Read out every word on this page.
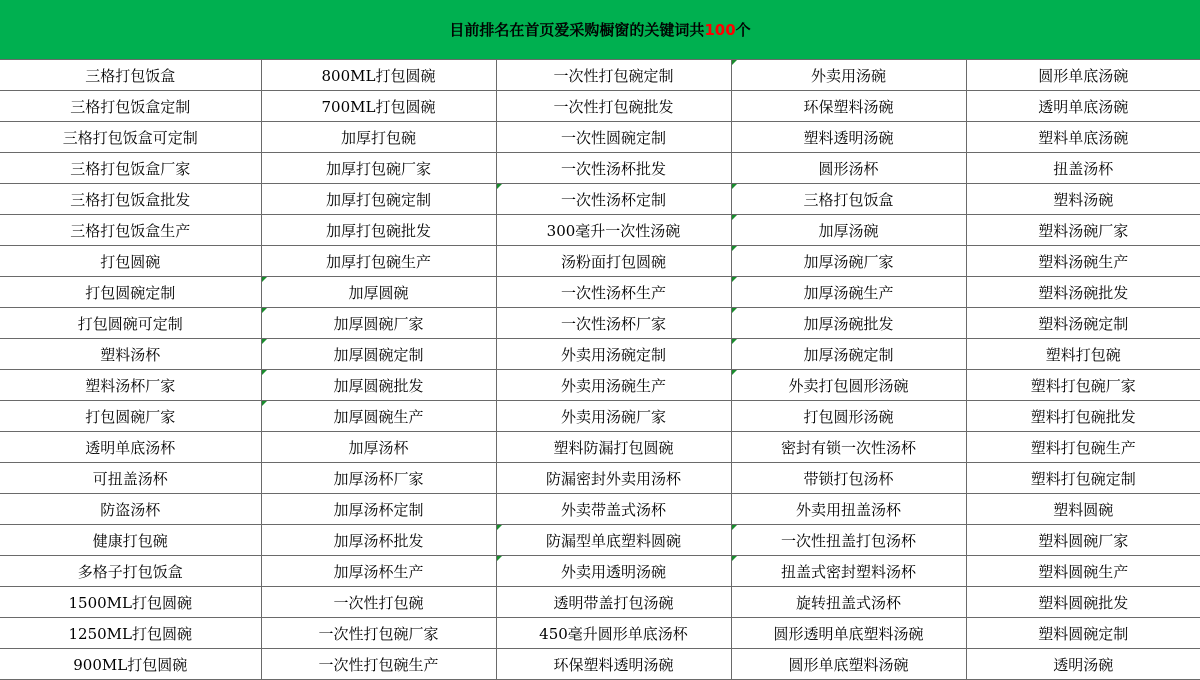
目前排名在首页爱采购橱窗的关键词共 100 个
三格打包饭盒	800ML打包圆碗	一次性打包碗定制	外卖用汤碗	圆形单底汤碗
三格打包饭盒定制	700ML打包圆碗	一次性打包碗批发	环保塑料汤碗	透明单底汤碗
三格打包饭盒可定制	加厚打包碗	一次性圆碗定制	塑料透明汤碗	塑料单底汤碗
三格打包饭盒厂家	加厚打包碗厂家	一次性汤杯批发	圆形汤杯	扭盖汤杯
三格打包饭盒批发	加厚打包碗定制	一次性汤杯定制	三格打包饭盒	塑料汤碗
三格打包饭盒生产	加厚打包碗批发	300毫升一次性汤碗	加厚汤碗	塑料汤碗厂家
打包圆碗	加厚打包碗生产	汤粉面打包圆碗	加厚汤碗厂家	塑料汤碗生产
打包圆碗定制	加厚圆碗	一次性汤杯生产	加厚汤碗生产	塑料汤碗批发
打包圆碗可定制	加厚圆碗厂家	一次性汤杯厂家	加厚汤碗批发	塑料汤碗定制
塑料汤杯	加厚圆碗定制	外卖用汤碗定制	加厚汤碗定制	塑料打包碗
塑料汤杯厂家	加厚圆碗批发	外卖用汤碗生产	外卖打包圆形汤碗	塑料打包碗厂家
打包圆碗厂家	加厚圆碗生产	外卖用汤碗厂家	打包圆形汤碗	塑料打包碗批发
透明单底汤杯	加厚汤杯	塑料防漏打包圆碗	密封有锁一次性汤杯	塑料打包碗生产
可扭盖汤杯	加厚汤杯厂家	防漏密封外卖用汤杯	带锁打包汤杯	塑料打包碗定制
防盗汤杯	加厚汤杯定制	外卖带盖式汤杯	外卖用扭盖汤杯	塑料圆碗
健康打包碗	加厚汤杯批发	防漏型单底塑料圆碗	一次性扭盖打包汤杯	塑料圆碗厂家
多格子打包饭盒	加厚汤杯生产	外卖用透明汤碗	扭盖式密封塑料汤杯	塑料圆碗生产
1500ML打包圆碗	一次性打包碗	透明带盖打包汤碗	旋转扭盖式汤杯	塑料圆碗批发
1250ML打包圆碗	一次性打包碗厂家	450毫升圆形单底汤杯	圆形透明单底塑料汤碗	塑料圆碗定制
900ML打包圆碗	一次性打包碗生产	环保塑料透明汤碗	圆形单底塑料汤碗	透明汤碗
